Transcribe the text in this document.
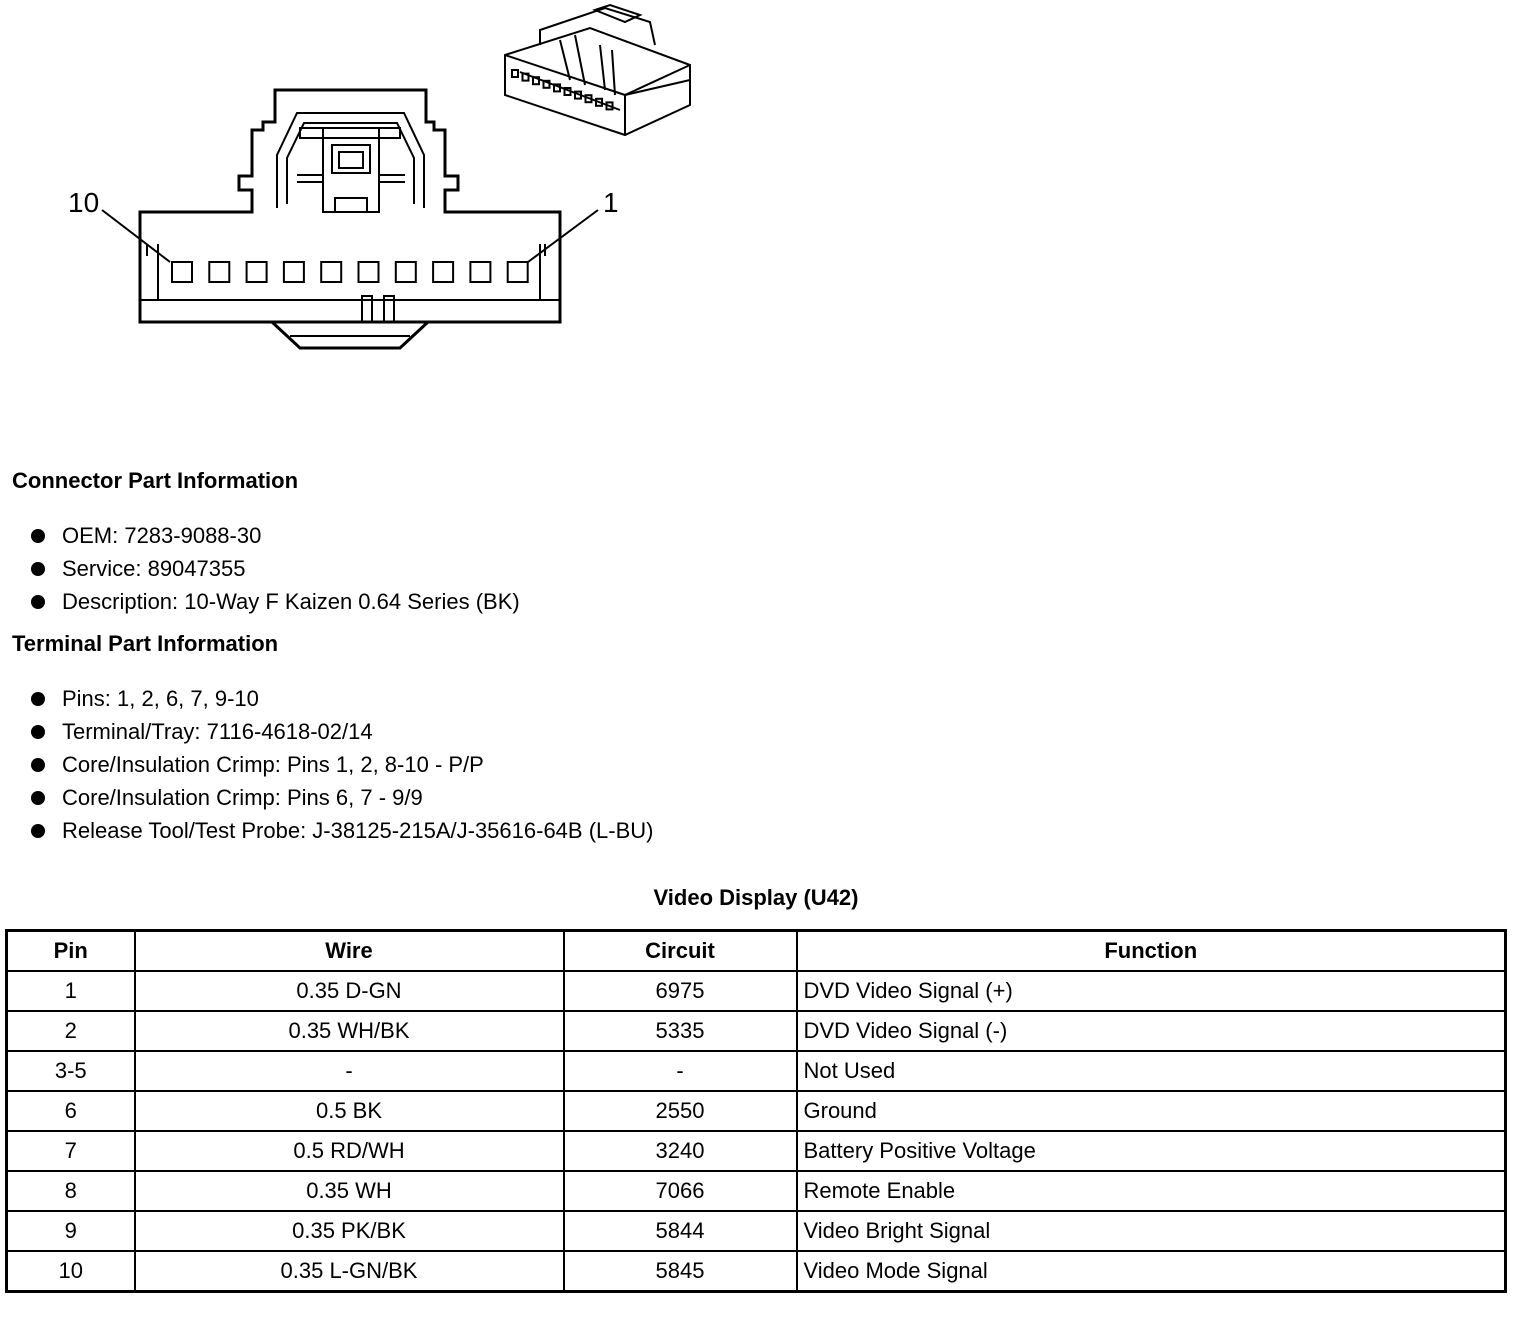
10	1
Connector Part Information
OEM: 7283-9088-30
Service: 89047355
Description: 10-Way F Kaizen 0.64 Series (BK)
Terminal Part Information
Pins: 1, 2, 6, 7, 9-10
Terminal/Tray: 7116-4618-02/14
Core/Insulation Crimp: Pins 1, 2, 8-10 - P/P
Core/Insulation Crimp: Pins 6, 7 - 9/9
Release Tool/Test Probe: J-38125-215A/J-35616-64B (L-BU)
Video Display (U42)
Pin	Wire	Circuit	Function
1	0.35 D-GN	6975	DVD Video Signal (+)
2	0.35 WH/BK	5335	DVD Video Signal (-)
3-5	-	-	Not Used
6	0.5 BK	2550	Ground
7	0.5 RD/WH	3240	Battery Positive Voltage
8	0.35 WH	7066	Remote Enable
9	0.35 PK/BK	5844	Video Bright Signal
10	0.35 L-GN/BK	5845	Video Mode Signal
